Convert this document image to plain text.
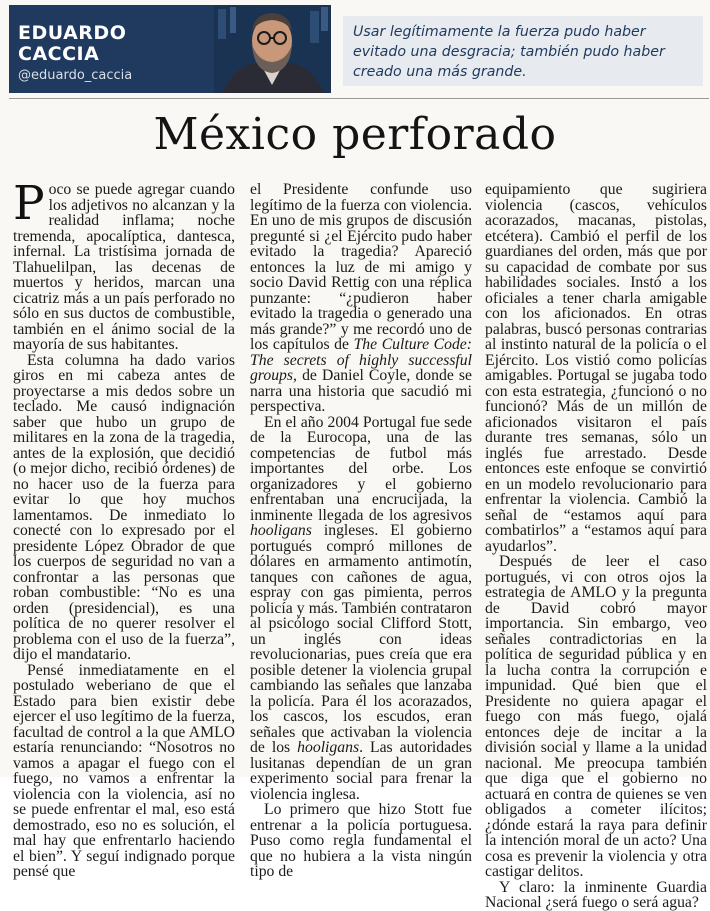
EDUARDO
CACCIA
@eduardo_caccia
Usar legítimamente la fuerza pudo haber evitado una desgracia; también pudo haber creado una más grande.
México perforado

Poco se puede agregar cuando los adjetivos no alcanzan y la realidad inflama; noche tremenda, apocalíptica, dantesca, infernal. La tristísima jornada de Tlahuelilpan, las decenas de muertos y heridos, marcan una cicatriz más a un país perforado no sólo en sus ductos de combustible, también en el ánimo social de la mayoría de sus habitantes.

Esta columna ha dado varios giros en mi cabeza antes de proyectarse a mis dedos sobre un teclado. Me causó indignación saber que hubo un grupo de militares en la zona de la tragedia, antes de la explosión, que decidió (o mejor dicho, recibió órdenes) de no hacer uso de la fuerza para evitar lo que hoy muchos lamentamos. De inmediato lo conecté con lo expresado por el presidente López Obrador de que los cuerpos de seguridad no van a confrontar a las personas que roban combustible: “No es una orden (presidencial), es una política de no querer resolver el problema con el uso de la fuerza”, dijo el mandatario.

Pensé inmediatamente en el postulado weberiano de que el Estado para bien existir debe ejercer el uso legítimo de la fuerza, facultad de control a la que AMLO estaría renunciando: “Nosotros no vamos a apagar el fuego con el fuego, no vamos a enfrentar la violencia con la violencia, así no se puede enfrentar el mal, eso está demostrado, eso no es solución, el mal hay que enfrentarlo haciendo el bien”. Y seguí indignado porque pensé que

el Presidente confunde uso legítimo de la fuerza con violencia. En uno de mis grupos de discusión pregunté si ¿el Ejército pudo haber evitado la tragedia? Apareció entonces la luz de mi amigo y socio David Rettig con una réplica punzante: “¿pudieron haber evitado la tragedia o generado una más grande?” y me recordó uno de los capítulos de The Culture Code: The secrets of highly successful groups, de Daniel Coyle, donde se narra una historia que sacudió mi perspectiva.

En el año 2004 Portugal fue sede de la Eurocopa, una de las competencias de futbol más importantes del orbe. Los organizadores y el gobierno enfrentaban una encrucijada, la inminente llegada de los agresivos hooligans ingleses. El gobierno portugués compró millones de dólares en armamento antimotín, tanques con cañones de agua, espray con gas pimienta, perros policía y más. También contrataron al psicólogo social Clifford Stott, un inglés con ideas revolucionarias, pues creía que era posible detener la violencia grupal cambiando las señales que lanzaba la policía. Para él los acorazados, los cascos, los escudos, eran señales que activaban la violencia de los hooligans. Las autoridades lusitanas dependían de un gran experimento social para frenar la violencia inglesa.

Lo primero que hizo Stott fue entrenar a la policía portuguesa. Puso como regla fundamental el que no hubiera a la vista ningún tipo de

equipamiento que sugiriera violencia (cascos, vehículos acorazados, macanas, pistolas, etcétera). Cambió el perfil de los guardianes del orden, más que por su capacidad de combate por sus habilidades sociales. Instó a los oficiales a tener charla amigable con los aficionados. En otras palabras, buscó personas contrarias al instinto natural de la policía o el Ejército. Los vistió como policías amigables. Portugal se jugaba todo con esta estrategia, ¿funcionó o no funcionó? Más de un millón de aficionados visitaron el país durante tres semanas, sólo un inglés fue arrestado. Desde entonces este enfoque se convirtió en un modelo revolucionario para enfrentar la violencia. Cambió la señal de “estamos aquí para combatirlos” a “estamos aquí para ayudarlos”.

Después de leer el caso portugués, vi con otros ojos la estrategia de AMLO y la pregunta de David cobró mayor importancia. Sin embargo, veo señales contradictorias en la política de seguridad pública y en la lucha contra la corrupción e impunidad. Qué bien que el Presidente no quiera apagar el fuego con más fuego, ojalá entonces deje de incitar a la división social y llame a la unidad nacional. Me preocupa también que diga que el gobierno no actuará en contra de quienes se ven obligados a cometer ilícitos; ¿dónde estará la raya para definir la intención moral de un acto? Una cosa es prevenir la violencia y otra castigar delitos.

Y claro: la inminente Guardia Nacional ¿será fuego o será agua?
